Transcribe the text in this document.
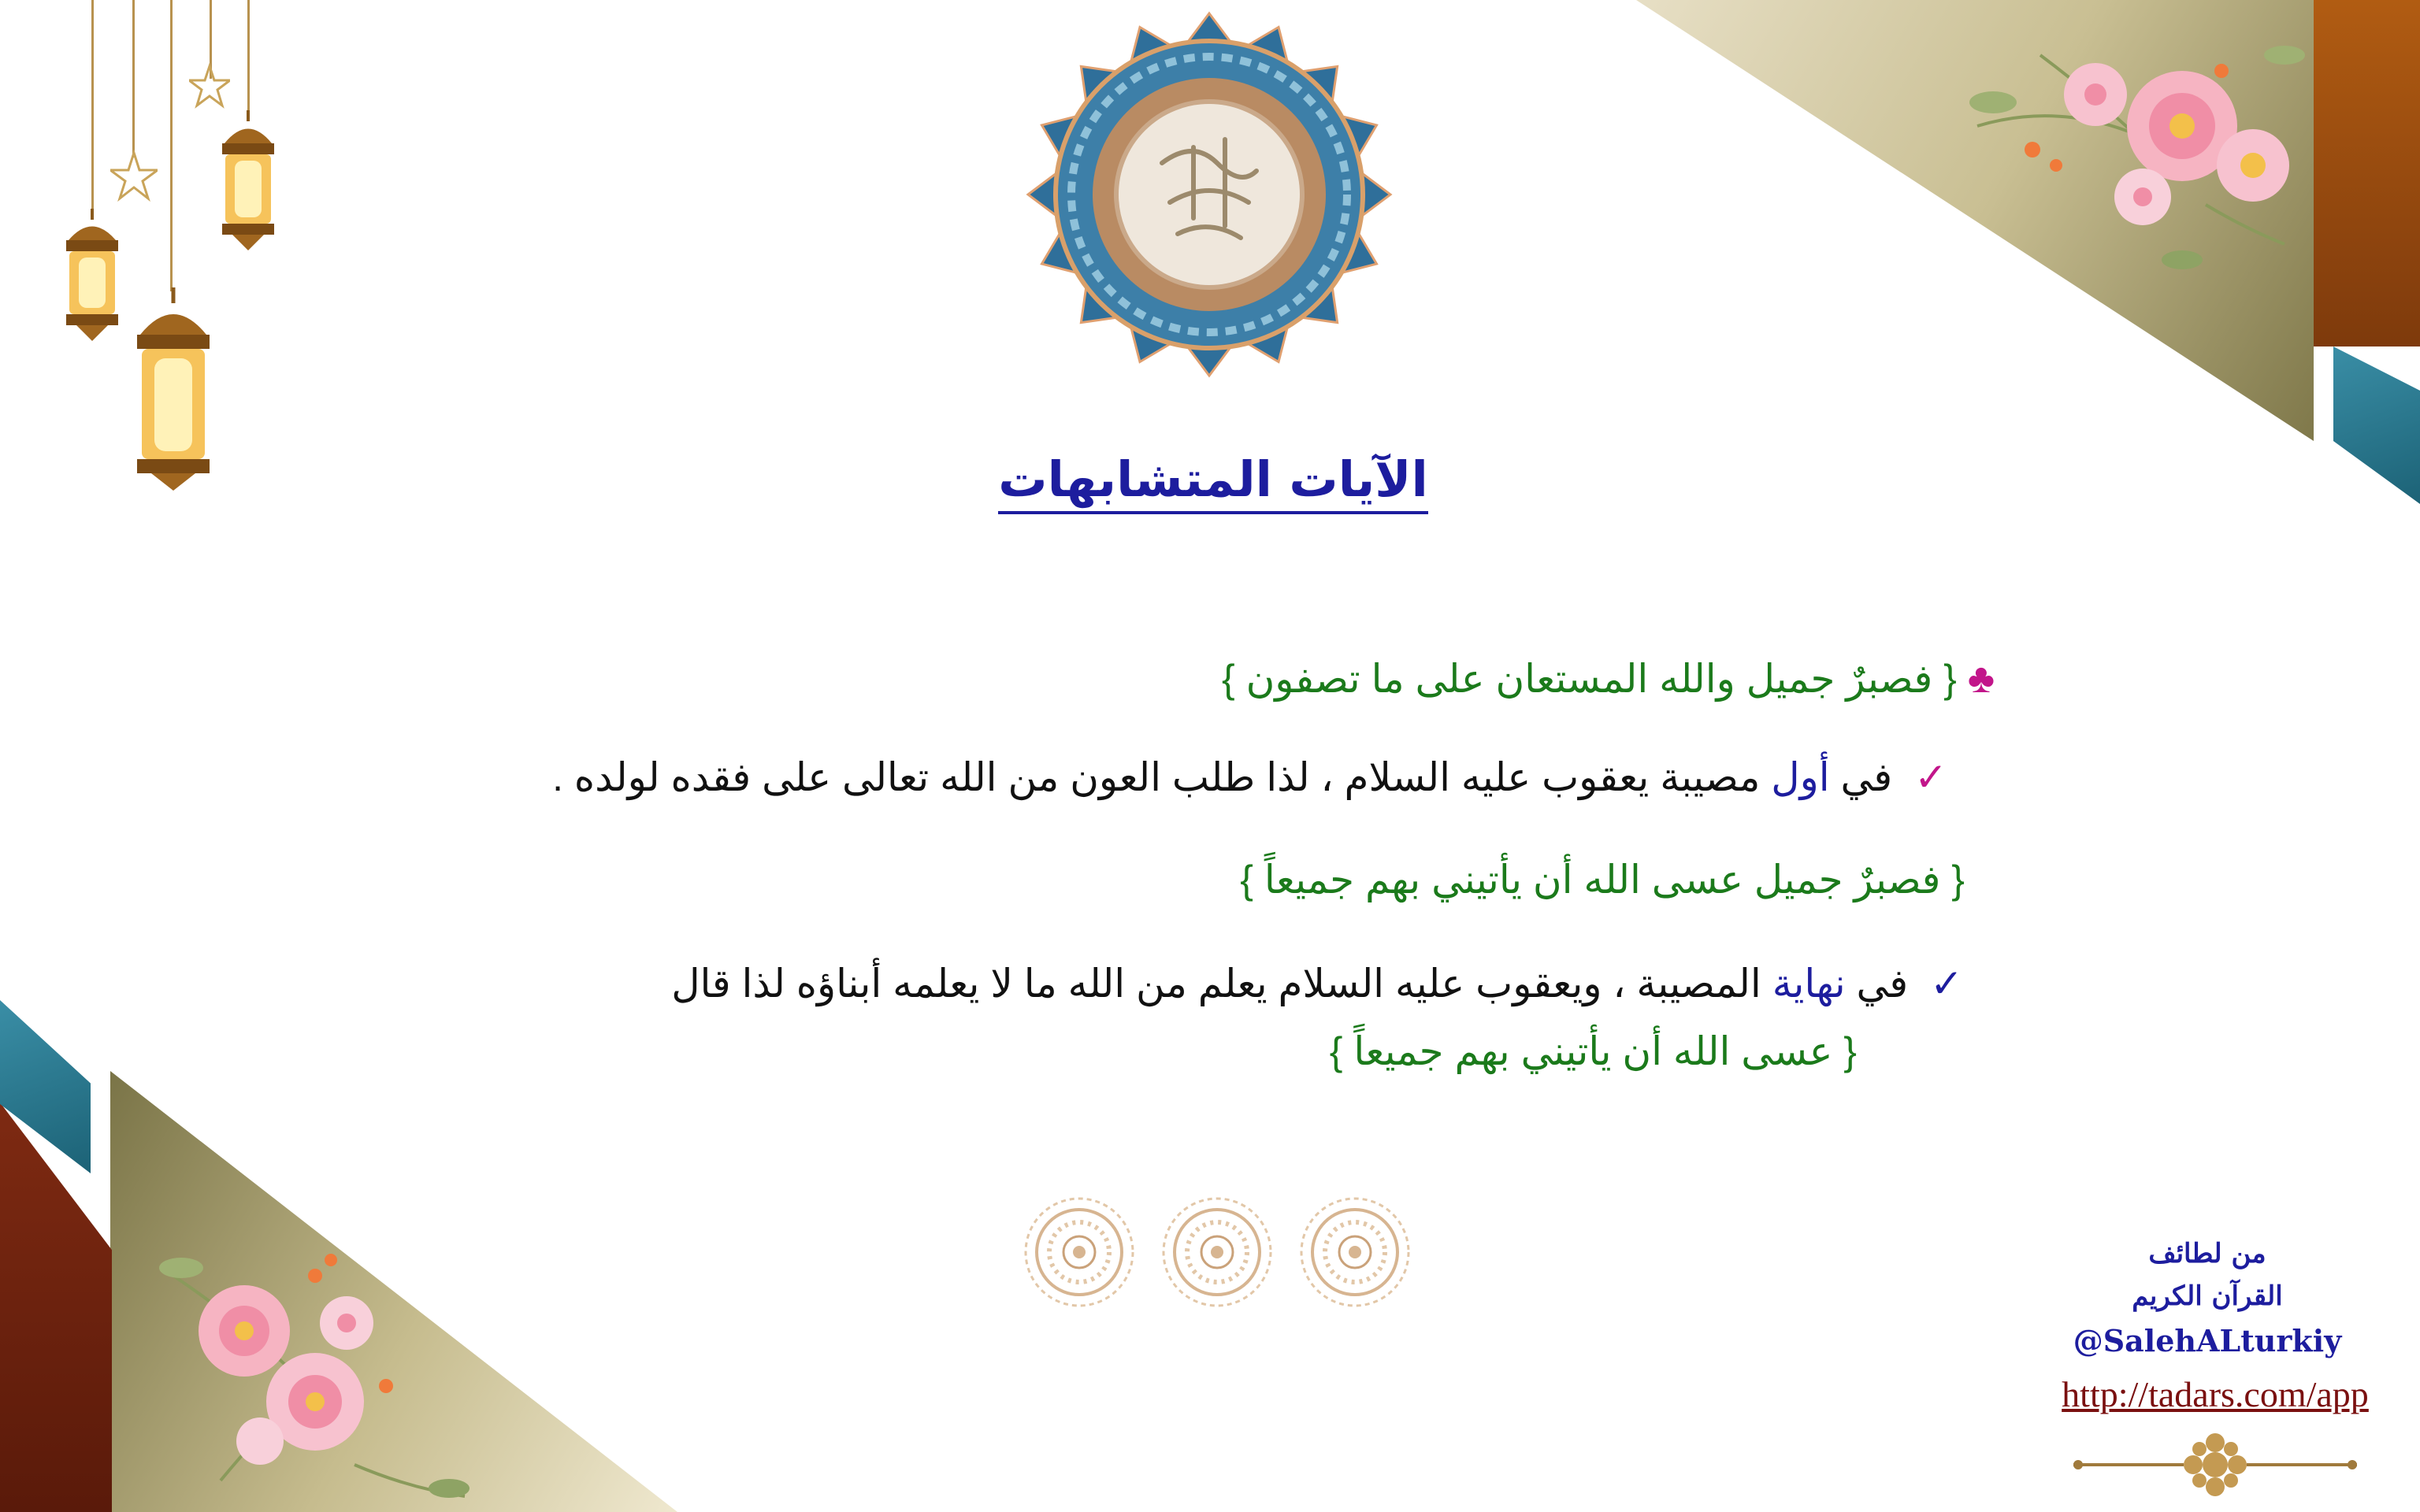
الآيات المتشابهات
♣{ فصبرٌ جميل والله المستعان على ما تصفون }
✓في أول مصيبة يعقوب عليه السلام ، لذا طلب العون من الله تعالى على فقده لولده .
{ فصبرٌ جميل عسى الله أن يأتيني بهم جميعاً }
✓في نهاية المصيبة ، ويعقوب عليه السلام يعلم من الله ما لا يعلمه أبناؤه لذا قال
{ عسى الله أن يأتيني بهم جميعاً }
من لطائف
القرآن الكريم
@SalehALturkiy
http://tadars.com/app
